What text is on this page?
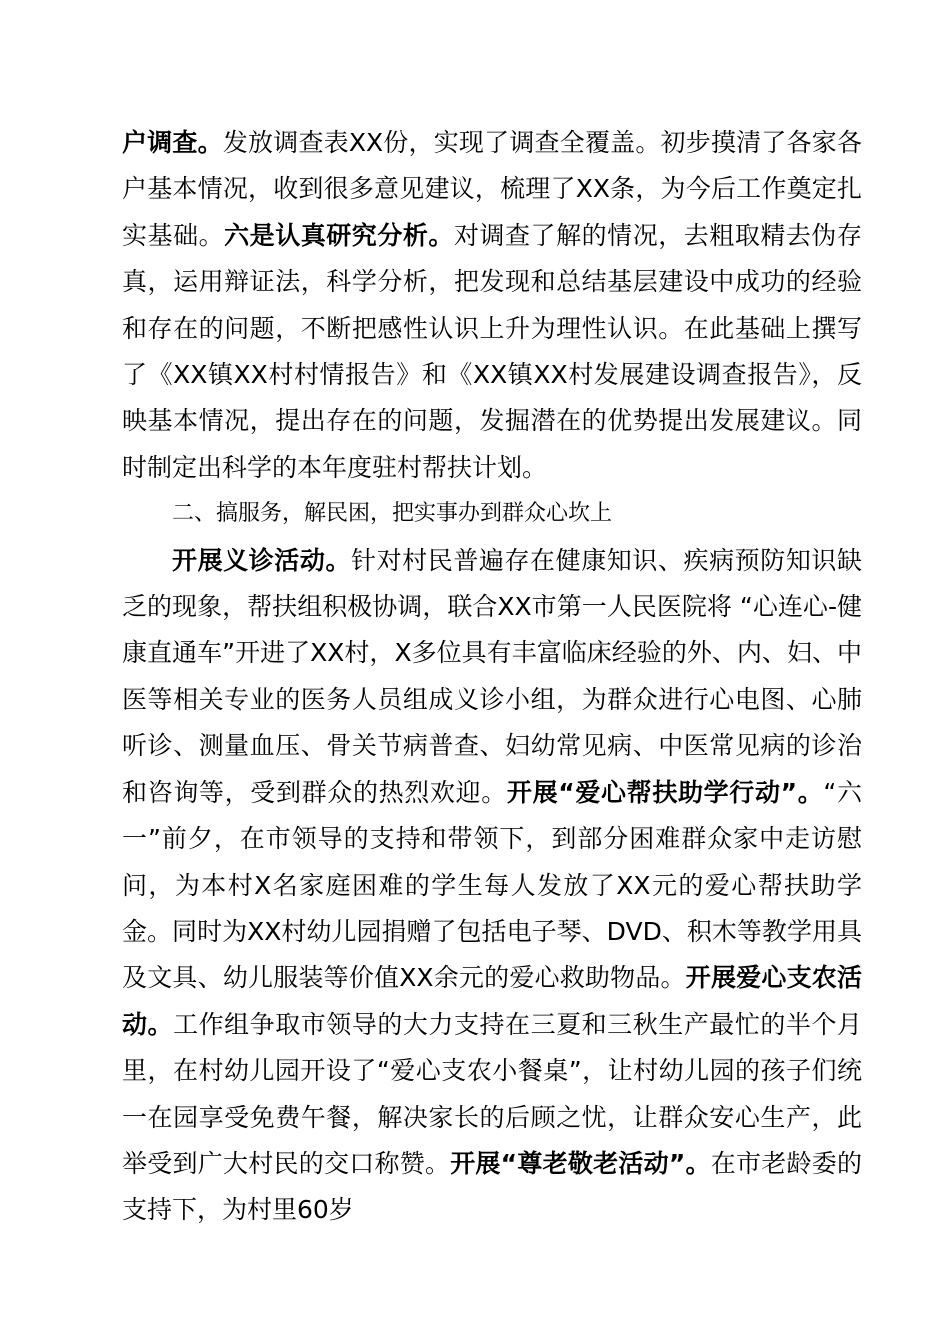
户调查。发放调查表XX份，实现了调查全覆盖。初步摸清了各家各户基本情况，收到很多意见建议，梳理了XX条，为今后工作奠定扎实基础。六是认真研究分析。对调查了解的情况，去粗取精去伪存真，运用辩证法，科学分析，把发现和总结基层建设中成功的经验和存在的问题，不断把感性认识上升为理性认识。在此基础上撰写了《XX镇XX村村情报告》和《XX镇XX村发展建设调查报告》，反映基本情况，提出存在的问题，发掘潜在的优势提出发展建议。同时制定出科学的本年度驻村帮扶计划。

二、搞服务，解民困，把实事办到群众心坎上

开展义诊活动。针对村民普遍存在健康知识、疾病预防知识缺乏的现象，帮扶组积极协调，联合XX市第一人民医院将 “心连心-健康直通车”开进了XX村，X多位具有丰富临床经验的外、内、妇、中医等相关专业的医务人员组成义诊小组，为群众进行心电图、心肺听诊、测量血压、骨关节病普查、妇幼常见病、中医常见病的诊治和咨询等，受到群众的热烈欢迎。开展“爱心帮扶助学行动”。“六一”前夕，在市领导的支持和带领下，到部分困难群众家中走访慰问，为本村X名家庭困难的学生每人发放了XX元的爱心帮扶助学金。同时为XX村幼儿园捐赠了包括电子琴、DVD、积木等教学用具及文具、幼儿服装等价值XX余元的爱心救助物品。开展爱心支农活动。工作组争取市领导的大力支持在三夏和三秋生产最忙的半个月里，在村幼儿园开设了“爱心支农小餐桌”，让村幼儿园的孩子们统一在园享受免费午餐，解决家长的后顾之忧，让群众安心生产，此举受到广大村民的交口称赞。开展“尊老敬老活动”。在市老龄委的支持下，为村里60岁
